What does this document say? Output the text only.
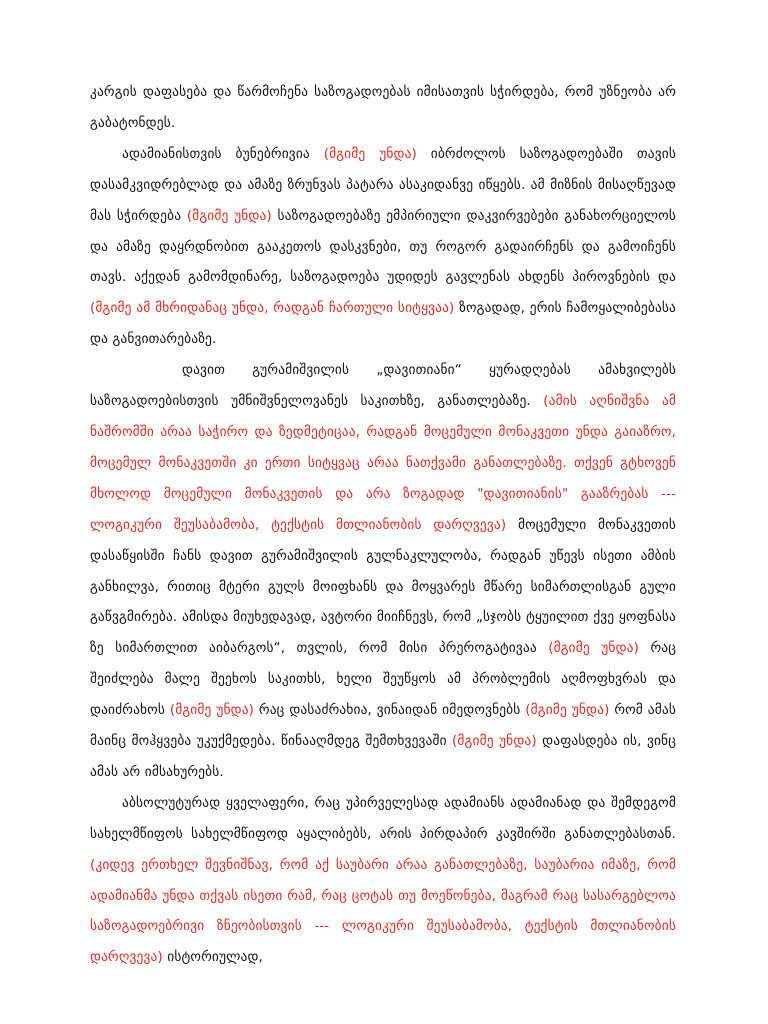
კარგის დაფასება და წარმოჩენა საზოგადოებას იმისათვის სჭირდება, რომ უზნეობა არ გაბატონდეს.

ადამიანისთვის ბუნებრივია (მგიმე უნდა) იბრძოლოს საზოგადოებაში თავის დასამკვიდრებლად და ამაზე ზრუნვას პატარა ასაკიდანვე იწყებს. ამ მიზნის მისაღწევად მას სჭირდება (მგიმე უნდა) საზოგადოებაზე ემპირიული დაკვირვებები განახორციელოს და ამაზე დაყრდნობით გააკეთოს დასკვნები, თუ როგორ გადაირჩენს და გამოიჩენს თავს. აქედან გამომდინარე, საზოგადოება უდიდეს გავლენას ახდენს პიროვნების და (მგიმე ამ მხრიდანაც უნდა, რადგან ჩართული სიტყვაა) ზოგადად, ერის ჩამოყალიბებასა და განვითარებაზე.

დავით გურამიშვილის „დავითიანი“ ყურადღებას ამახვილებს საზოგადოებისთვის უმნიშვნელოვანეს საკითხზე, განათლებაზე. (ამის აღნიშვნა ამ ნაშრომში არაა საჭირო და ზედმეტიცაა, რადგან მოცემული მონაკვეთი უნდა გაიაზრო, მოცემულ მონაკვეთში კი ერთი სიტყვაც არაა ნათქვამი განათლებაზე. თქვენ გტხოვენ მხოლოდ მოცემული მონაკვეთის და არა ზოგადად "დავითიანის" გააზრებას --- ლოგიკური შეუსაბამობა, ტექსტის მთლიანობის დარღვევა) მოცემული მონაკვეთის დასაწყისში ჩანს დავით გურამიშვილის გულნაკლულობა, რადგან უწევს ისეთი ამბის განხილვა, რითიც მტერი გულს მოიფხანს და მოყვარეს მწარე სიმართლისგან გული გაწვგმირება. ამისდა მიუხედავად, ავტორი მიიჩნევს, რომ „სჯობს ტყუილით ქვე ყოფნასა ზე სიმართლით აიბარგოს“, თვლის, რომ მისი პრეროგატივაა (მგიმე უნდა) რაც შეიძლება მალე შეეხოს საკითხს, ხელი შეუწყოს ამ პრობლემის აღმოფხვრას და დაიძრახოს (მგიმე უნდა) რაც დასაძრახია, ვინაიდან იმედოვნებს (მგიმე უნდა) რომ ამას მაინც მოჰყვება უკუქმედება. წინააღმდეგ შემთხვევაში (მგიმე უნდა) დაფასდება ის, ვინც ამას არ იმსახურებს.

აბსოლუტურად ყველაფერი, რაც უპირველესად ადამიანს ადამიანად და შემდეგომ სახელმწიფოს სახელმწიფოდ აყალიბებს, არის პირდაპირ კავშირში განათლებასთან. (კიდევ ერთხელ შევნიშნავ, რომ აქ საუბარი არაა განათლებაზე, საუბარია იმაზე, რომ ადამიანმა უნდა თქვას ისეთი რამ, რაც ცოტას თუ მოეწონება, მაგრამ რაც სასარგებლოა საზოგადოებრივი ზნეობისთვის --- ლოგიკური შეუსაბამობა, ტექსტის მთლიანობის დარღვევა) ისტორიულად,
